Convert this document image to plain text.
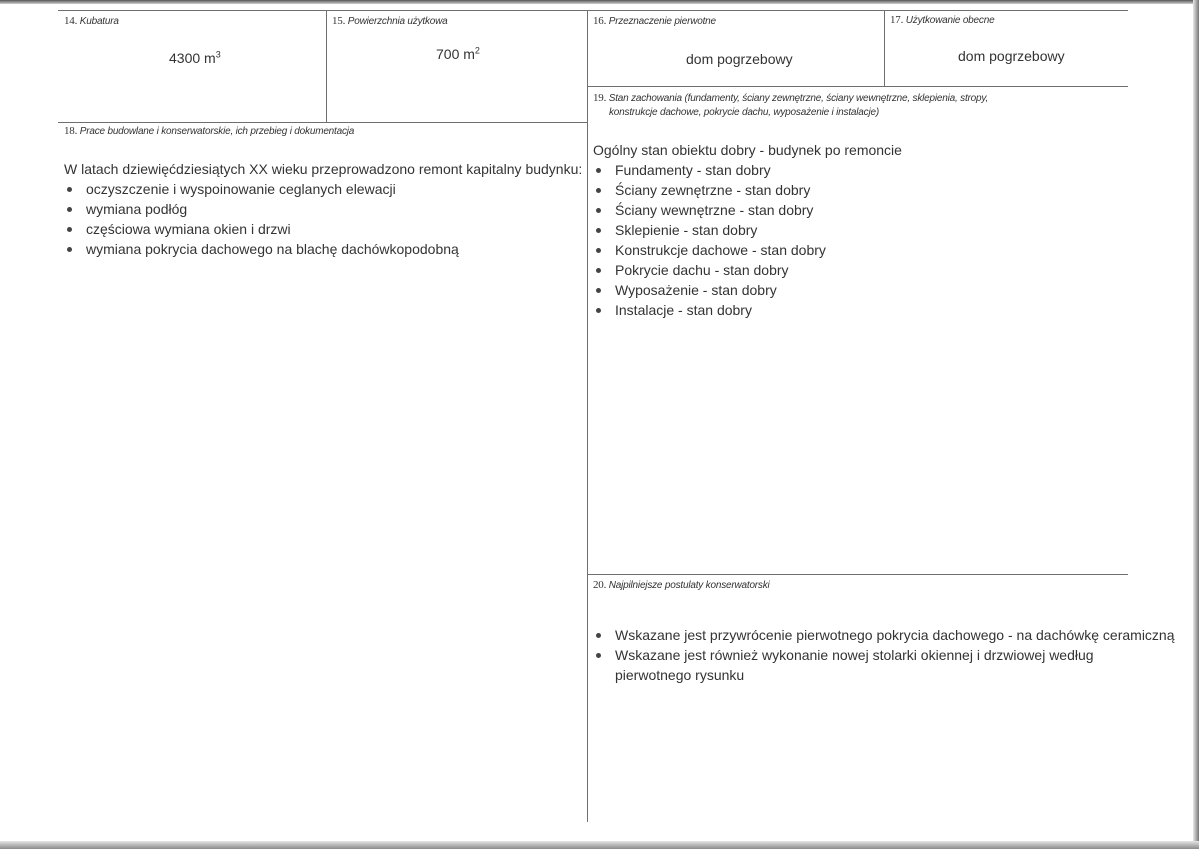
14. Kubatura
4300 $m^3$
15. Powierzchnia użytkowa
700 $m^2$
16. Przeznaczenie pierwotne
dom pogrzebowy
17. Użytkowanie obecne
dom pogrzebowy
18. Prace budowlane i konserwatorskie, ich przebieg i dokumentacja
W latach dziewięćdziesiątych XX wieku przeprowadzono remont kapitalny budynku:
oczyszczenie i wyspoinowanie ceglanych elewacji
wymiana podłóg
częściowa wymiana okien i drzwi
wymiana pokrycia dachowego na blachę dachówkopodobną
19. Stan zachowania (fundamenty, ściany zewnętrzne, ściany wewnętrzne, sklepienia, stropy,
konstrukcje dachowe, pokrycie dachu, wyposażenie i instalacje)
Ogólny stan obiektu dobry - budynek po remoncie
Fundamenty - stan dobry
Ściany zewnętrzne - stan dobry
Ściany wewnętrzne - stan dobry
Sklepienie - stan dobry
Konstrukcje dachowe - stan dobry
Pokrycie dachu - stan dobry
Wyposażenie - stan dobry
Instalacje - stan dobry
20. Najpilniejsze postulaty konserwatorski
Wskazane jest przywrócenie pierwotnego pokrycia dachowego - na dachówkę ceramiczną
Wskazane jest również wykonanie nowej stolarki okiennej i drzwiowej według pierwotnego rysunku
